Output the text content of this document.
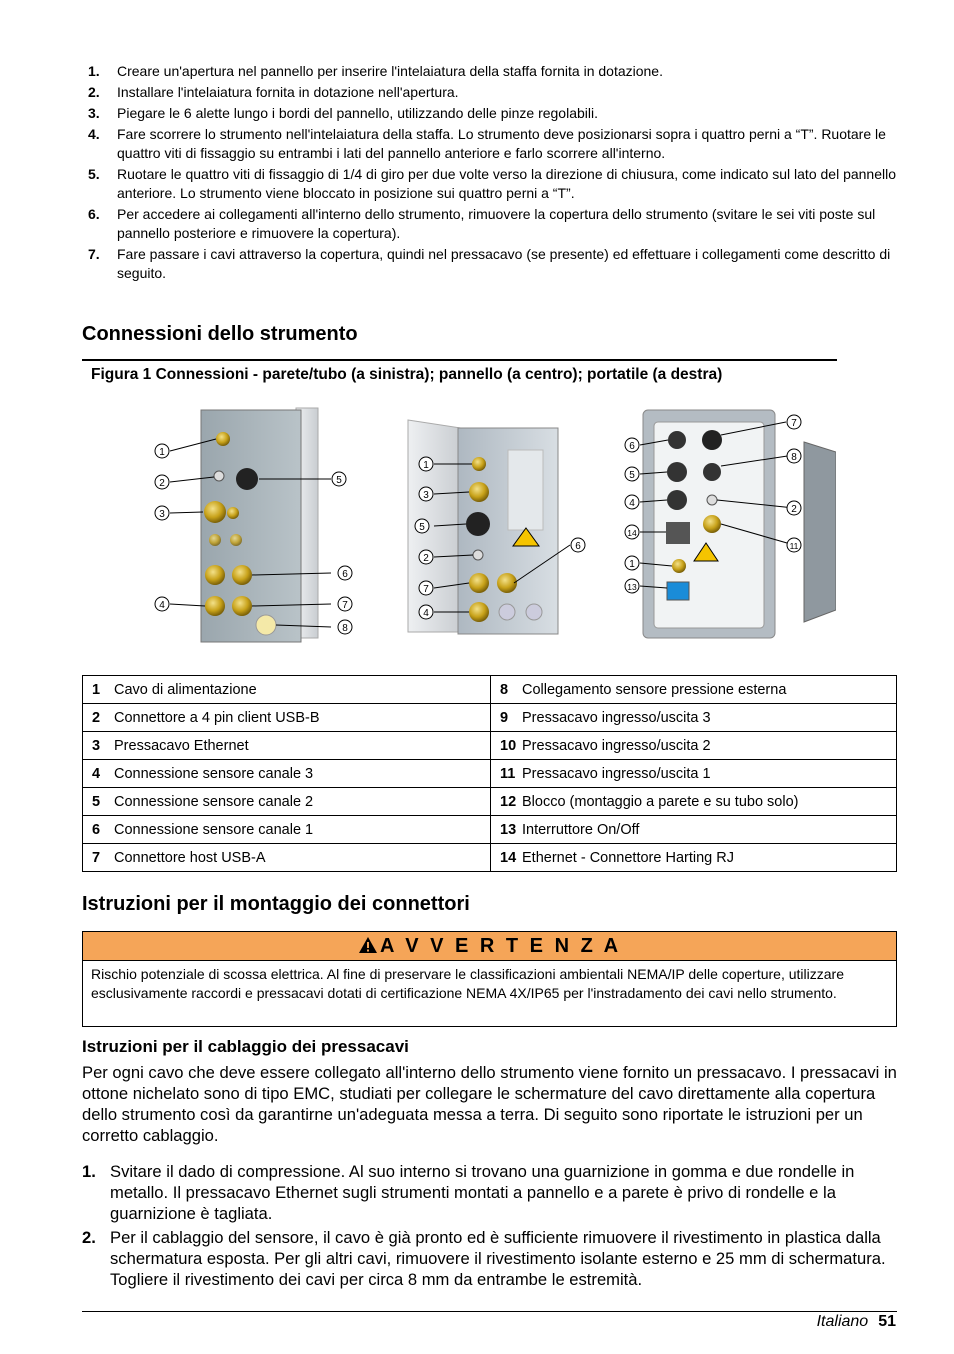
1. Creare un'apertura nel pannello per inserire l'intelaiatura della staffa fornita in dotazione.
2. Installare l'intelaiatura fornita in dotazione nell'apertura.
3. Piegare le 6 alette lungo i bordi del pannello, utilizzando delle pinze regolabili.
4. Fare scorrere lo strumento nell'intelaiatura della staffa. Lo strumento deve posizionarsi sopra i quattro perni a “T”. Ruotare le quattro viti di fissaggio su entrambi i lati del pannello anteriore e farlo scorrere all'interno.
5. Ruotare le quattro viti di fissaggio di 1/4 di giro per due volte verso la direzione di chiusura, come indicato sul lato del pannello anteriore. Lo strumento viene bloccato in posizione sui quattro perni a “T”.
6. Per accedere ai collegamenti all'interno dello strumento, rimuovere la copertura dello strumento (svitare le sei viti poste sul pannello posteriore e rimuovere la copertura).
7. Fare passare i cavi attraverso la copertura, quindi nel pressacavo (se presente) ed effettuare i collegamenti come descritto di seguito.
Connessioni dello strumento
Figura 1 Connessioni - parete/tubo (a sinistra); pannello (a centro); portatile (a destra)
1
2
3
4
5
6
7
8
1
3
5
2
7
4
6
6
5
4
14
1
13
7
8
2
11
1 Cavo di alimentazione	8 Collegamento sensore pressione esterna
2 Connettore a 4 pin client USB-B	9 Pressacavo ingresso/uscita 3
3 Pressacavo Ethernet	10 Pressacavo ingresso/uscita 2
4 Connessione sensore canale 3	11 Pressacavo ingresso/uscita 1
5 Connessione sensore canale 2	12 Blocco (montaggio a parete e su tubo solo)
6 Connessione sensore canale 1	13 Interruttore On/Off
7 Connettore host USB-A	14 Ethernet - Connettore Harting RJ
Istruzioni per il montaggio dei connettori
A V V E R T E N Z A
Rischio potenziale di scossa elettrica. Al fine di preservare le classificazioni ambientali NEMA/IP delle coperture, utilizzare esclusivamente raccordi e pressacavi dotati di certificazione NEMA 4X/IP65 per l'instradamento dei cavi nello strumento.
Istruzioni per il cablaggio dei pressacavi

Per ogni cavo che deve essere collegato all'interno dello strumento viene fornito un pressacavo. I pressacavi in ottone nichelato sono di tipo EMC, studiati per collegare le schermature del cavo direttamente alla copertura dello strumento così da garantirne un'adeguata messa a terra. Di seguito sono riportate le istruzioni per un corretto cablaggio.

1. Svitare il dado di compressione. Al suo interno si trovano una guarnizione in gomma e due rondelle in metallo. Il pressacavo Ethernet sugli strumenti montati a pannello e a parete è privo di rondelle e la guarnizione è tagliata.
2. Per il cablaggio del sensore, il cavo è già pronto ed è sufficiente rimuovere il rivestimento in plastica dalla schermatura esposta. Per gli altri cavi, rimuovere il rivestimento isolante esterno e 25 mm di schermatura. Togliere il rivestimento dei cavi per circa 8 mm da entrambe le estremità.
Italiano 51
